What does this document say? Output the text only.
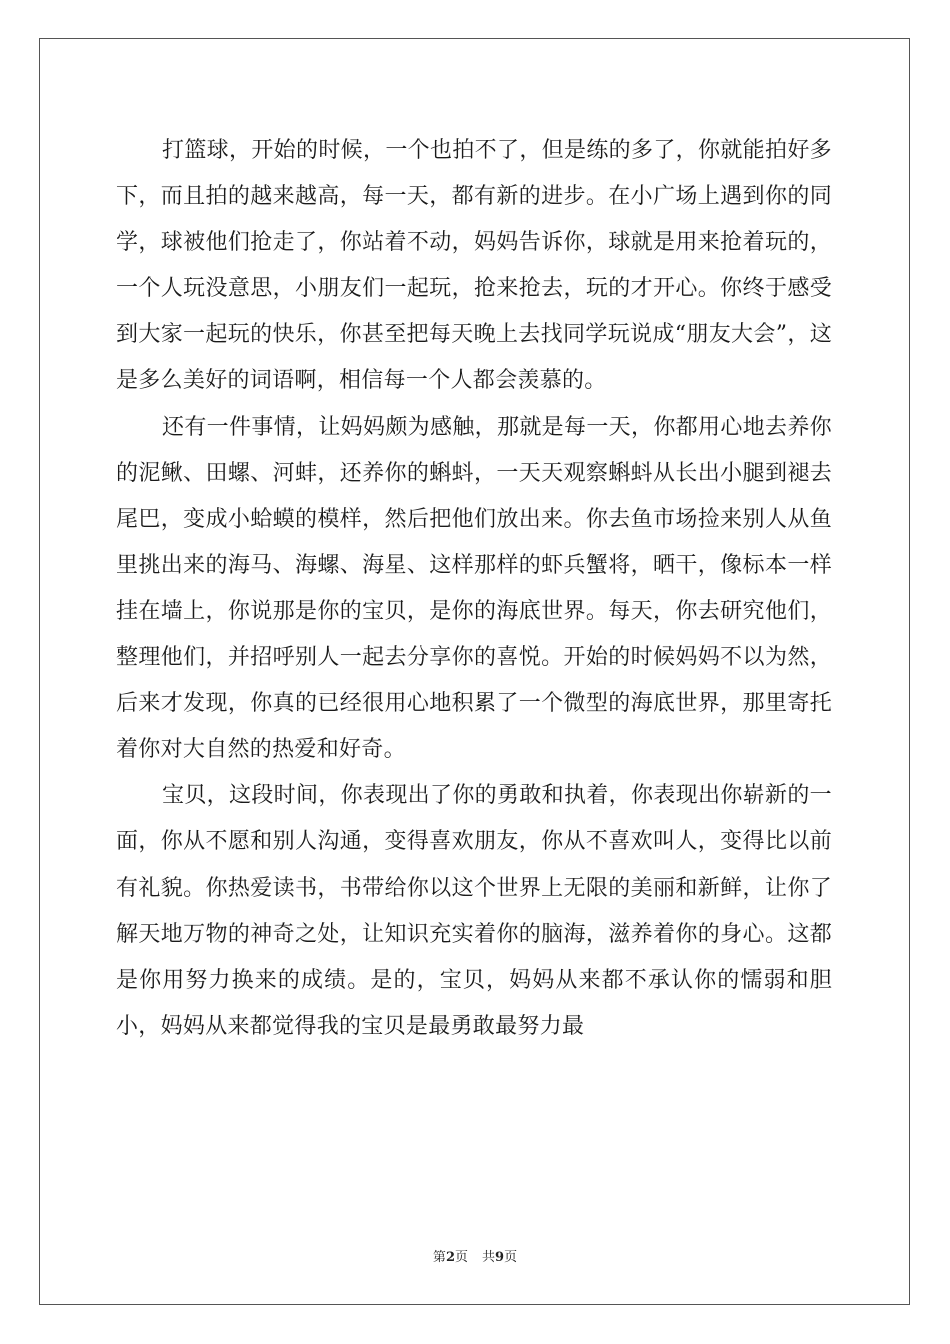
打篮球，开始的时候，一个也拍不了，但是练的多了，你就能拍好多下，而且拍的越来越高，每一天，都有新的进步。在小广场上遇到你的同学，球被他们抢走了，你站着不动，妈妈告诉你，球就是用来抢着玩的，一个人玩没意思，小朋友们一起玩，抢来抢去，玩的才开心。你终于感受到大家一起玩的快乐，你甚至把每天晚上去找同学玩说成“朋友大会”，这是多么美好的词语啊，相信每一个人都会羡慕的。

还有一件事情，让妈妈颇为感触，那就是每一天，你都用心地去养你的泥鳅、田螺、河蚌，还养你的蝌蚪，一天天观察蝌蚪从长出小腿到褪去尾巴，变成小蛤蟆的模样，然后把他们放出来。你去鱼市场捡来别人从鱼里挑出来的海马、海螺、海星、这样那样的虾兵蟹将，晒干，像标本一样挂在墙上，你说那是你的宝贝，是你的海底世界。每天，你去研究他们，整理他们，并招呼别人一起去分享你的喜悦。开始的时候妈妈不以为然，后来才发现，你真的已经很用心地积累了一个微型的海底世界，那里寄托着你对大自然的热爱和好奇。

宝贝，这段时间，你表现出了你的勇敢和执着，你表现出你崭新的一面，你从不愿和别人沟通，变得喜欢朋友，你从不喜欢叫人，变得比以前有礼貌。你热爱读书，书带给你以这个世界上无限的美丽和新鲜，让你了解天地万物的神奇之处，让知识充实着你的脑海，滋养着你的身心。这都是你用努力换来的成绩。是的，宝贝，妈妈从来都不承认你的懦弱和胆小，妈妈从来都觉得我的宝贝是最勇敢最努力最

第2页 共9页
